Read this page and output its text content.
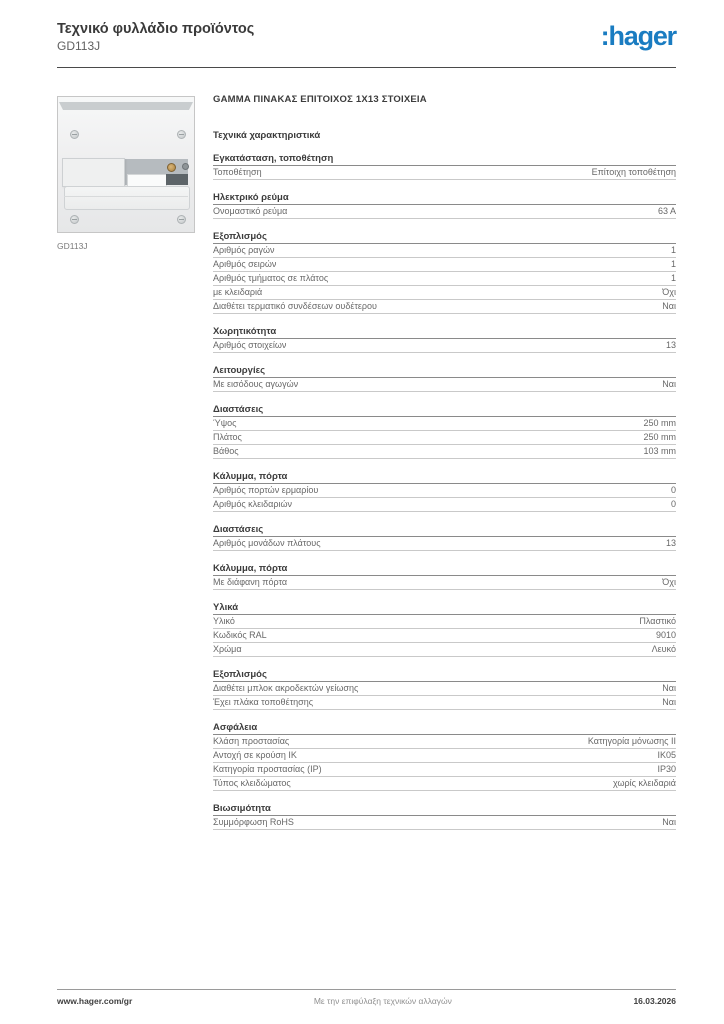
Τεχνικό φυλλάδιο προϊόντος
GD113J	:hager
GD113J
GAMMA ΠΙΝΑΚΑΣ ΕΠΙΤΟΙΧΟΣ 1X13 ΣΤΟΙΧΕΙΑ
Τεχνικά χαρακτηριστικά
Εγκατάσταση, τοποθέτηση
Τοποθέτηση	Επίτοιχη τοποθέτηση
Ηλεκτρικό ρεύμα
Ονομαστικό ρεύμα	63 A
Εξοπλισμός
Αριθμός ραγών	1
Αριθμός σειρών	1
Αριθμός τμήματος σε πλάτος	1
με κλειδαριά	Όχι
Διαθέτει τερματικό συνδέσεων ουδέτερου	Ναι
Χωρητικότητα
Αριθμός στοιχείων	13
Λειτουργίες
Με εισόδους αγωγών	Ναι
Διαστάσεις
Ύψος	250 mm
Πλάτος	250 mm
Βάθος	103 mm
Κάλυμμα, πόρτα
Αριθμός πορτών ερμαρίου	0
Αριθμός κλειδαριών	0
Διαστάσεις
Αριθμός μονάδων πλάτους	13
Κάλυμμα, πόρτα
Με διάφανη πόρτα	Όχι
Υλικά
Υλικό	Πλαστικό
Κωδικός RAL	9010
Χρώμα	Λευκό
Εξοπλισμός
Διαθέτει μπλοκ ακροδεκτών γείωσης	Ναι
Έχει πλάκα τοποθέτησης	Ναι
Ασφάλεια
Κλάση προστασίας	Κατηγορία μόνωσης II
Αντοχή σε κρούση IK	IK05
Κατηγορία προστασίας (IP)	IP30
Τύπος κλειδώματος	χωρίς κλειδαριά
Βιωσιμότητα
Συμμόρφωση RoHS	Ναι
www.hager.com/gr	Με την επιφύλαξη τεχνικών αλλαγών	16.03.2026
